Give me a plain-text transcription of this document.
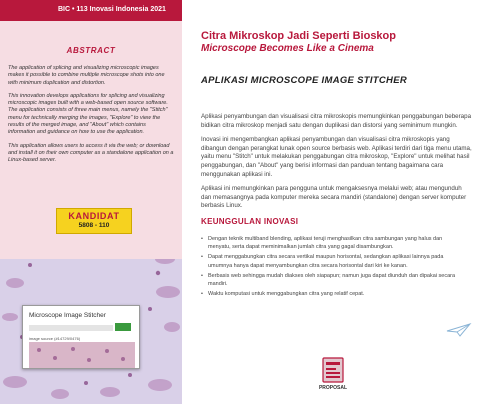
BIC • 113 Inovasi Indonesia 2021
ABSTRACT

The application of splicing and visualizing microscopic images makes it possible to combine multiple microscope shots into one with minimum duplication and distortion.

This innovation develops applications for splicing and visualizing microscopic images built with a web-based open source software. The application consists of three main menus, namely the "Stitch" menu for technically merging the images, "Explore" to view the results of the merged image, and "About" which contains information and guidance on how to use the application.

This application allows users to access it via the web; or download and install it on their own computer as a standalone application on a Linux-based server.

KANDIDAT
5808 - 110
Microscope Image Stitcher
image source (#14729/0476)
Citra Mikroskop Jadi Seperti Bioskop
Microscope Becomes Like a Cinema
APLIKASI MICROSCOPE IMAGE STITCHER

Aplikasi penyambungan dan visualisasi citra mikroskopis memungkinkan penggabungan beberapa bidikan citra mikroskop menjadi satu dengan duplikasi dan distorsi yang seminimum mungkin.

Inovasi ini mengembangkan aplikasi penyambungan dan visualisasi citra mikroskopis yang dibangun dengan perangkat lunak open source berbasis web. Aplikasi terdiri dari tiga menu utama, yaitu menu "Stitch" untuk melakukan penggabungan citra mikroskop, "Explore" untuk melihat hasil penggabungan, dan "About" yang berisi informasi dan panduan tentang bagaimana cara menggunakan aplikasi ini.

Aplikasi ini memungkinkan para pengguna untuk mengaksesnya melalui web; atau mengunduh dan memasangnya pada komputer mereka secara mandiri (standalone) dengan server komputer berbasis Linux.

KEUNGGULAN INOVASI
• Dengan teknik multiband blending, aplikasi teruji menghasilkan citra sambungan yang halus dan menyatu, serta dapat meminimalkan jumlah citra yang gagal disambungkan.
• Dapat menggabungkan citra secara vertikal maupun horisontal, sedangkan aplikasi lainnya pada umumnya hanya dapat menyambungkan citra secara horisontal dari kiri ke kanan.
• Berbasis web sehingga mudah diakses oleh siapapun; namun juga dapat diunduh dan dipakai secara mandiri.
• Waktu komputasi untuk menggabungkan citra yang relatif cepat.
PROPOSAL
